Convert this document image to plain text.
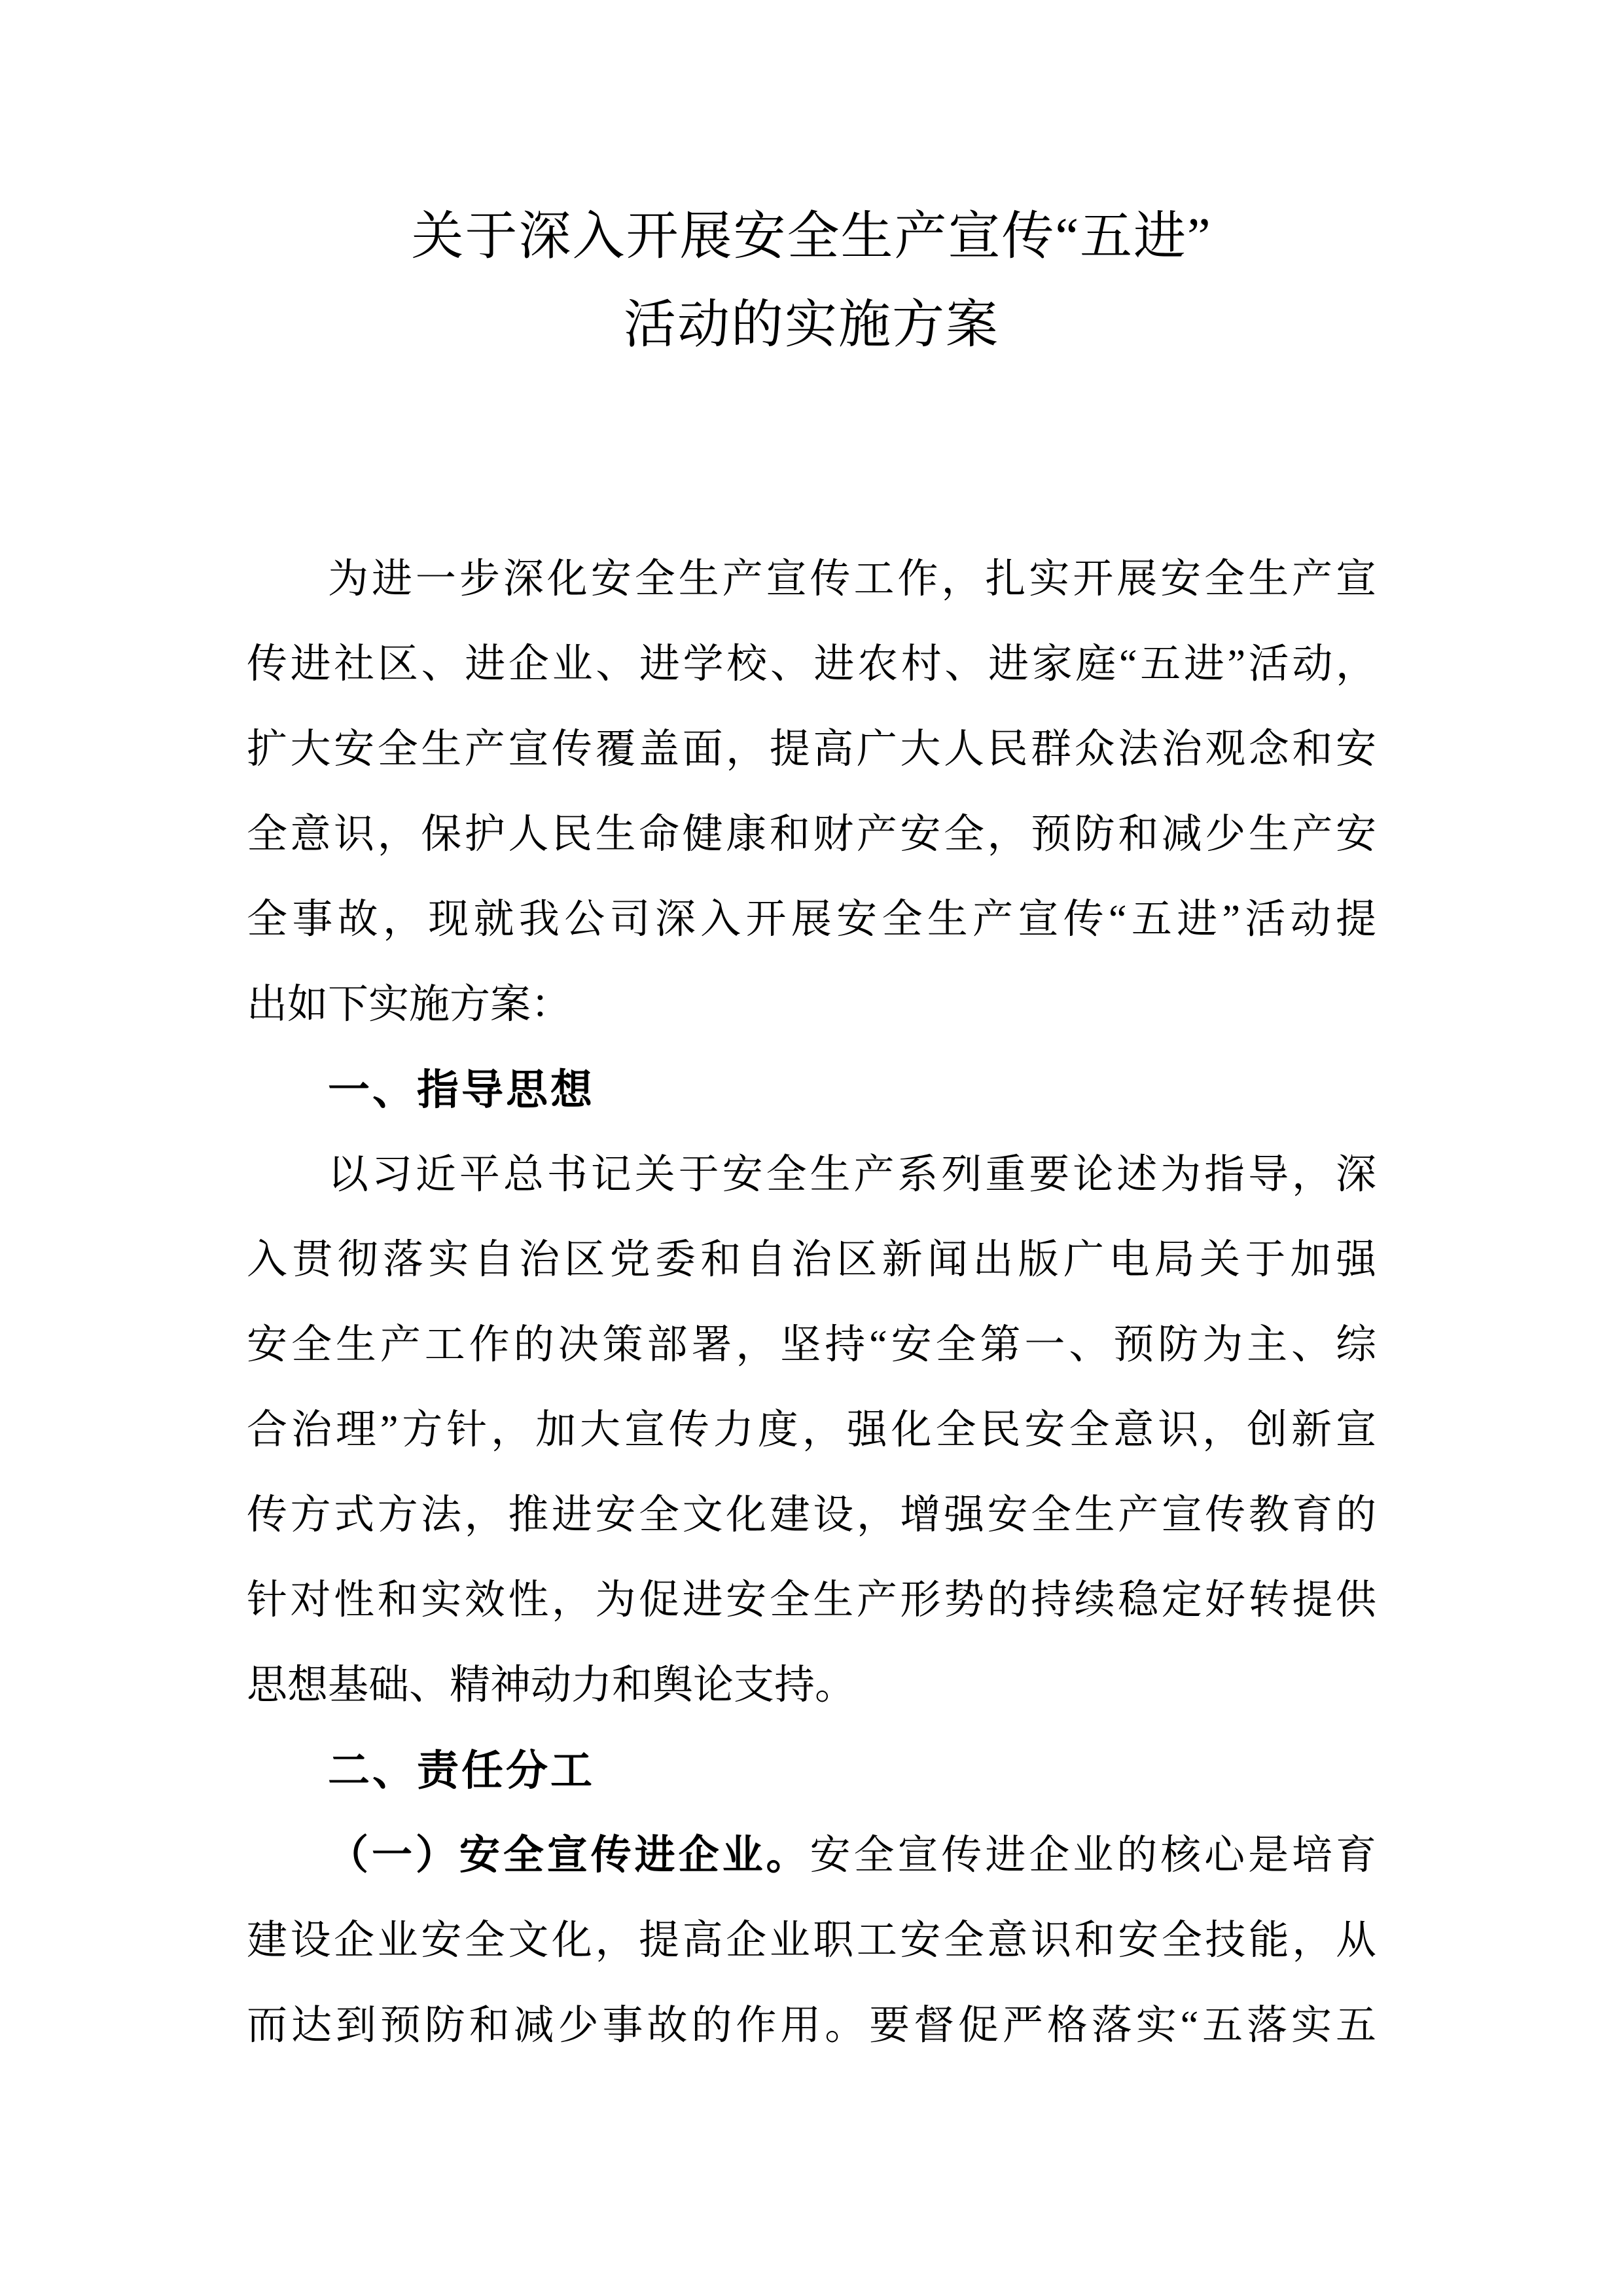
关于深入开展安全生产宣传“五进”
活动的实施方案
为进一步深化安全生产宣传工作，扎实开展安全生产宣
传进社区、进企业、进学校、进农村、进家庭“五进”活动，
扩大安全生产宣传覆盖面，提高广大人民群众法治观念和安
全意识，保护人民生命健康和财产安全，预防和减少生产安
全事故，现就我公司深入开展安全生产宣传“五进”活动提
出如下实施方案：
一、指导思想
以习近平总书记关于安全生产系列重要论述为指导，深
入贯彻落实自治区党委和自治区新闻出版广电局关于加强
安全生产工作的决策部署，坚持“安全第一、预防为主、综
合治理”方针，加大宣传力度，强化全民安全意识，创新宣
传方式方法，推进安全文化建设，增强安全生产宣传教育的
针对性和实效性，为促进安全生产形势的持续稳定好转提供
思想基础、精神动力和舆论支持。
二、责任分工
（一）安全宣传进企业。安全宣传进企业的核心是培育
建设企业安全文化，提高企业职工安全意识和安全技能，从
而达到预防和减少事故的作用。要督促严格落实“五落实五
